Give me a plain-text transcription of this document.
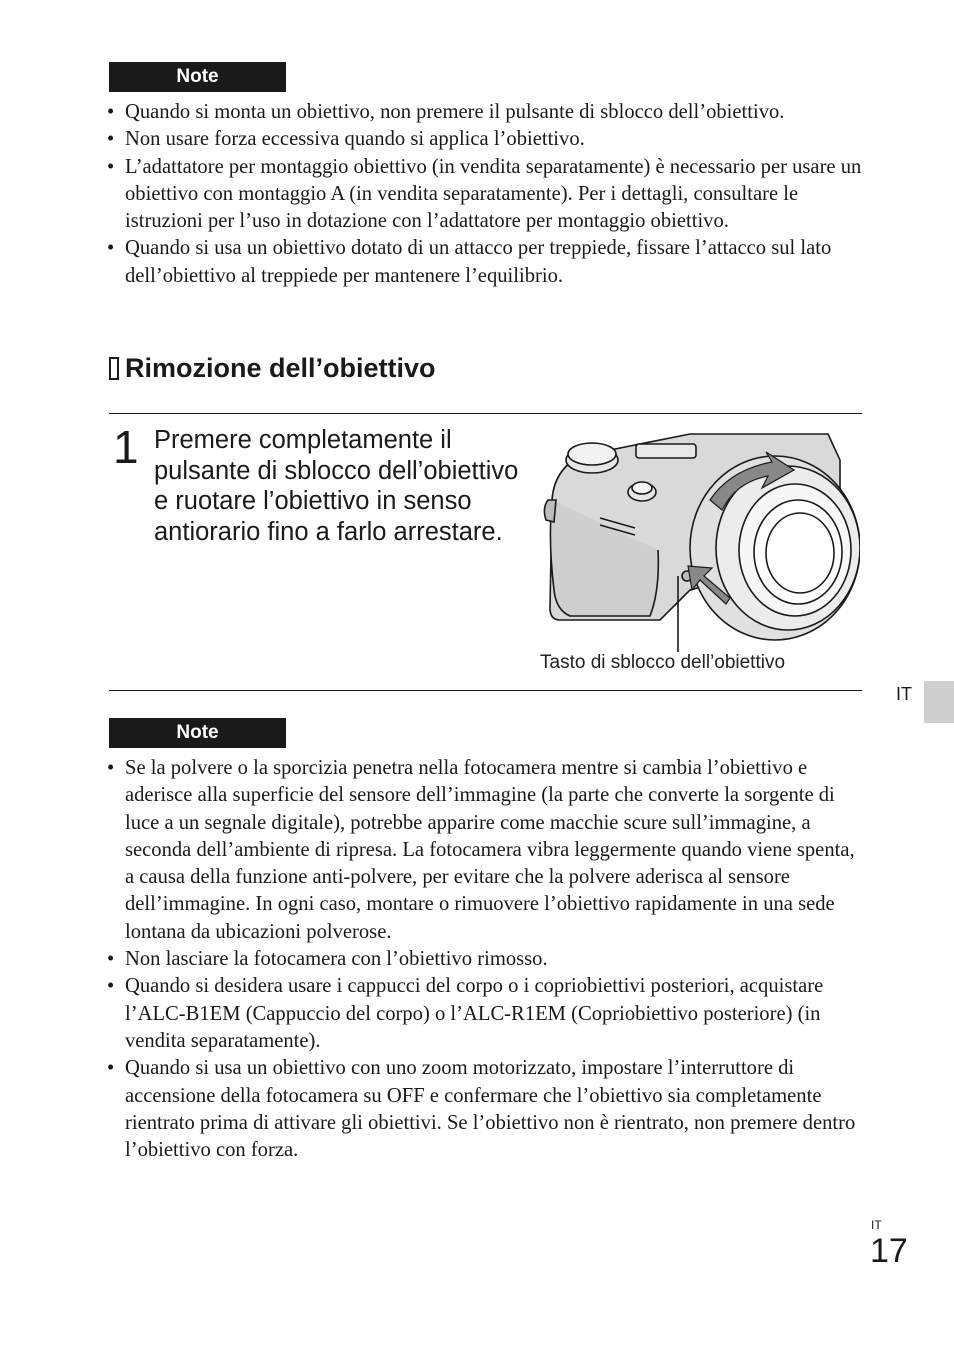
Note
• Quando si monta un obiettivo, non premere il pulsante di sblocco dell’obiettivo.
• Non usare forza eccessiva quando si applica l’obiettivo.
• L’adattatore per montaggio obiettivo (in vendita separatamente) è necessario per usare un obiettivo con montaggio A (in vendita separatamente). Per i dettagli, consultare le istruzioni per l’uso in dotazione con l’adattatore per montaggio obiettivo.
• Quando si usa un obiettivo dotato di un attacco per treppiede, fissare l’attacco sul lato dell’obiettivo al treppiede per mantenere l’equilibrio.
Rimozione dell’obiettivo
1 Premere completamente il pulsante di sblocco dell’obiettivo e ruotare l’obiettivo in senso antiorario fino a farlo arrestare.
Tasto di sblocco dell’obiettivo
IT
Note
• Se la polvere o la sporcizia penetra nella fotocamera mentre si cambia l’obiettivo e aderisce alla superficie del sensore dell’immagine (la parte che converte la sorgente di luce a un segnale digitale), potrebbe apparire come macchie scure sull’immagine, a seconda dell’ambiente di ripresa. La fotocamera vibra leggermente quando viene spenta, a causa della funzione anti-polvere, per evitare che la polvere aderisca al sensore dell’immagine. In ogni caso, montare o rimuovere l’obiettivo rapidamente in una sede lontana da ubicazioni polverose.
• Non lasciare la fotocamera con l’obiettivo rimosso.
• Quando si desidera usare i cappucci del corpo o i copriobiettivi posteriori, acquistare l’ALC-B1EM (Cappuccio del corpo) o l’ALC-R1EM (Copriobiettivo posteriore) (in vendita separatamente).
• Quando si usa un obiettivo con uno zoom motorizzato, impostare l’interruttore di accensione della fotocamera su OFF e confermare che l’obiettivo sia completamente rientrato prima di attivare gli obiettivi. Se l’obiettivo non è rientrato, non premere dentro l’obiettivo con forza.
IT
17
